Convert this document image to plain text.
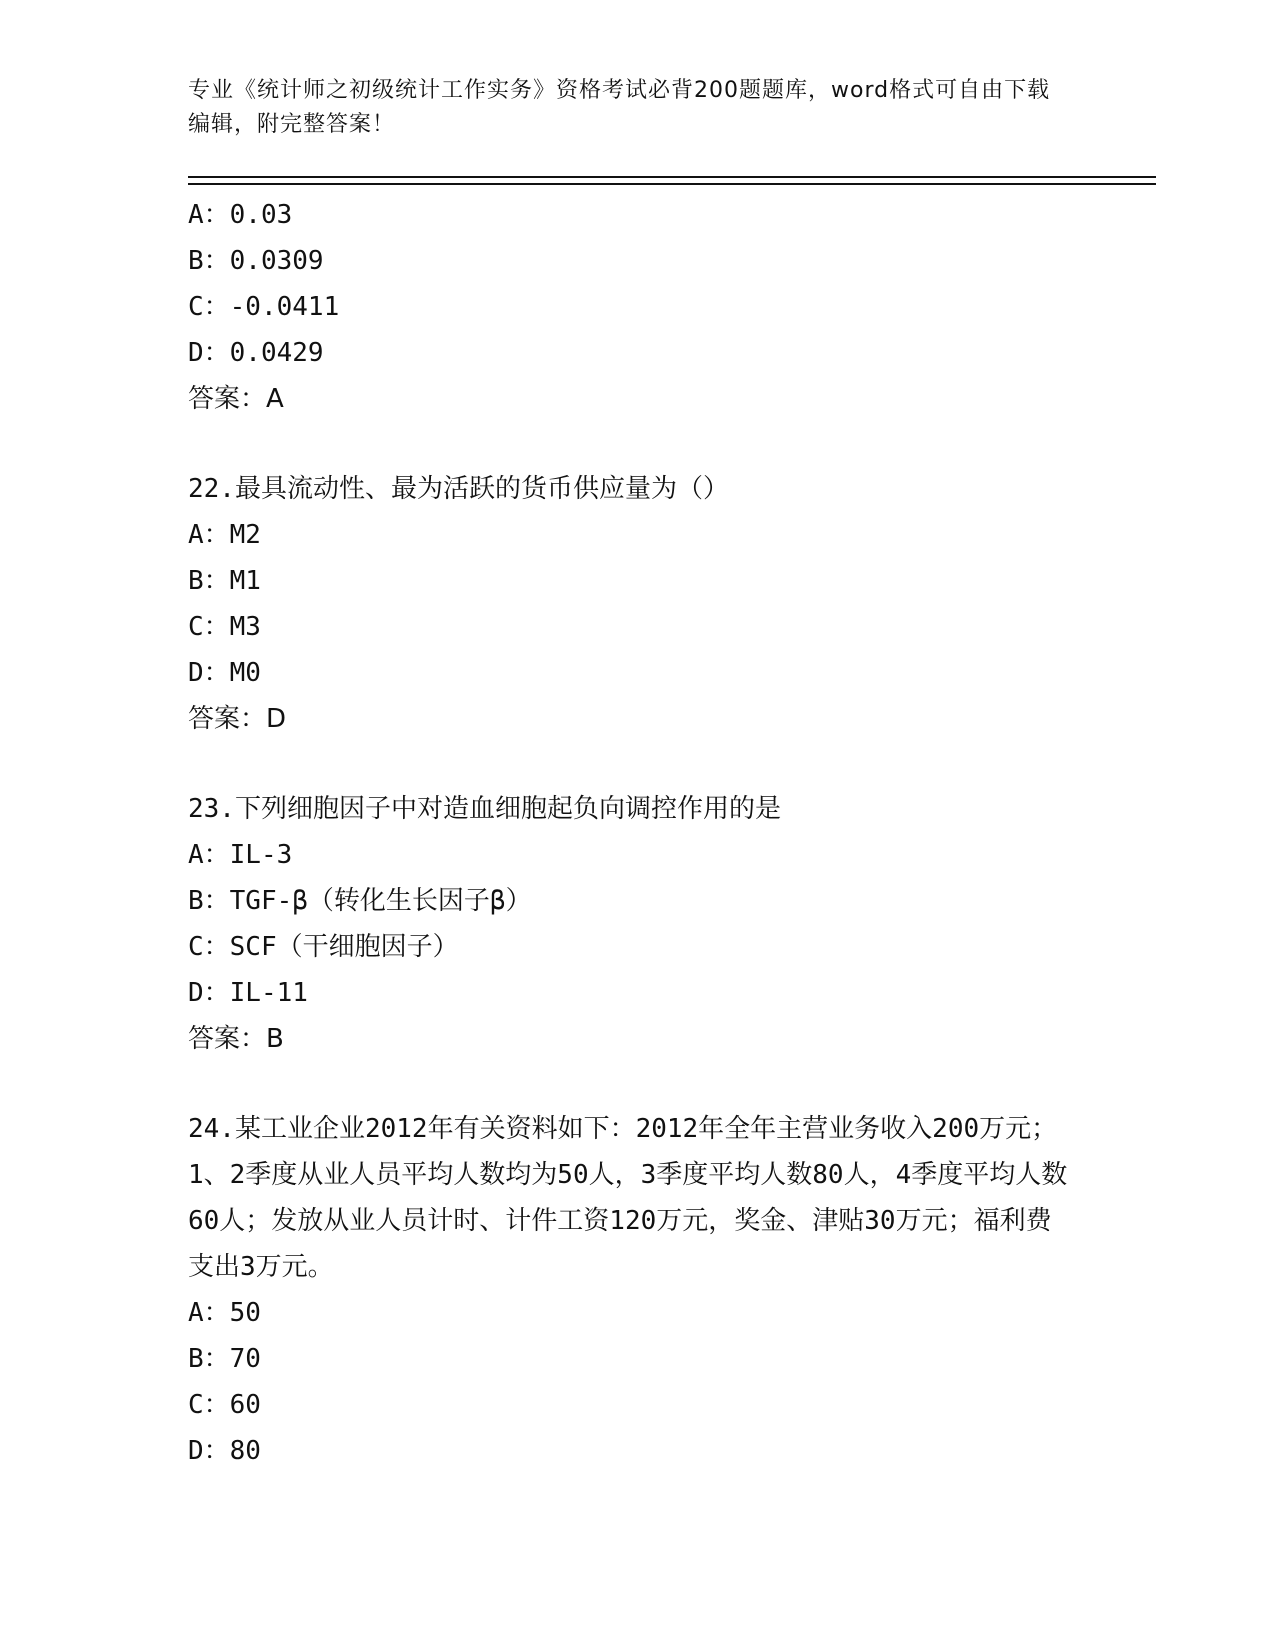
专业《统计师之初级统计工作实务》资格考试必背200题题库，word格式可自由下载编辑，附完整答案！
A：0.03
B：0.0309
C：-0.0411
D：0.0429
答案：A
22.最具流动性、最为活跃的货币供应量为（）
A：M2
B：M1
C：M3
D：M0
答案：D
23.下列细胞因子中对造血细胞起负向调控作用的是
A：IL-3
B：TGF-β（转化生长因子β）
C：SCF（干细胞因子）
D：IL-11
答案：B
24.某工业企业2012年有关资料如下：2012年全年主营业务收入200万元；1、2季度从业人员平均人数均为50人，3季度平均人数80人，4季度平均人数60人；发放从业人员计时、计件工资120万元，奖金、津贴30万元；福利费支出3万元。
A：50
B：70
C：60
D：80
